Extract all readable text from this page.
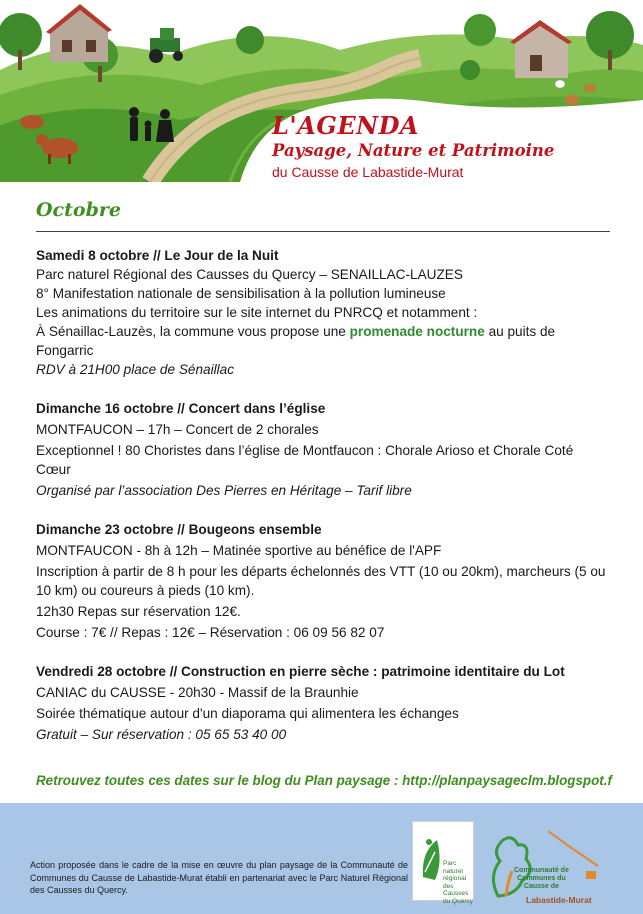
L'AGENDA
Paysage, Nature et Patrimoine
du Causse de Labastide-Murat
Octobre

Samedi 8 octobre // Le Jour de la Nuit

Parc naturel Régional des Causses du Quercy – SENAILLAC-LAUZES

8° Manifestation nationale de sensibilisation à la pollution lumineuse

Les animations du territoire sur le site internet du PNRCQ et notamment :

À Sénaillac-Lauzès, la commune vous propose une promenade nocturne au puits de Fongarric

RDV à 21H00 place de Sénaillac

Dimanche 16 octobre // Concert dans l’église

MONTFAUCON – 17h – Concert de 2 chorales

Exceptionnel ! 80 Choristes dans l’église de Montfaucon : Chorale Arioso et Chorale Coté Cœur

Organisé par l’association Des Pierres en Héritage – Tarif libre

Dimanche 23 octobre // Bougeons ensemble

MONTFAUCON - 8h à 12h – Matinée sportive au bénéfice de l'APF

Inscription à partir de 8 h pour les départs échelonnés des VTT (10 ou 20km), marcheurs (5 ou 10 km) ou coureurs à pieds (10 km).

12h30 Repas sur réservation 12€.

Course : 7€ // Repas : 12€ – Réservation : 06 09 56 82 07

Vendredi 28 octobre // Construction en pierre sèche : patrimoine identitaire du Lot

CANIAC du CAUSSE - 20h30 - Massif de la Braunhie

Soirée thématique autour d'un diaporama qui alimentera les échanges

Gratuit – Sur réservation : 05 65 53 40 00

Retrouvez toutes ces dates sur le blog du Plan paysage : http://planpaysageclm.blogspot.f
Action proposée dans le cadre de la mise en œuvre du plan paysage de la Communauté de Communes du Causse de Labastide-Murat établi en partenariat avec le Parc Naturel Régional des Causses du Quercy.
Parc
naturel
régional
des Causses
du Quercy
Communauté de
Communes du
Causse de
Labastide-Murat
